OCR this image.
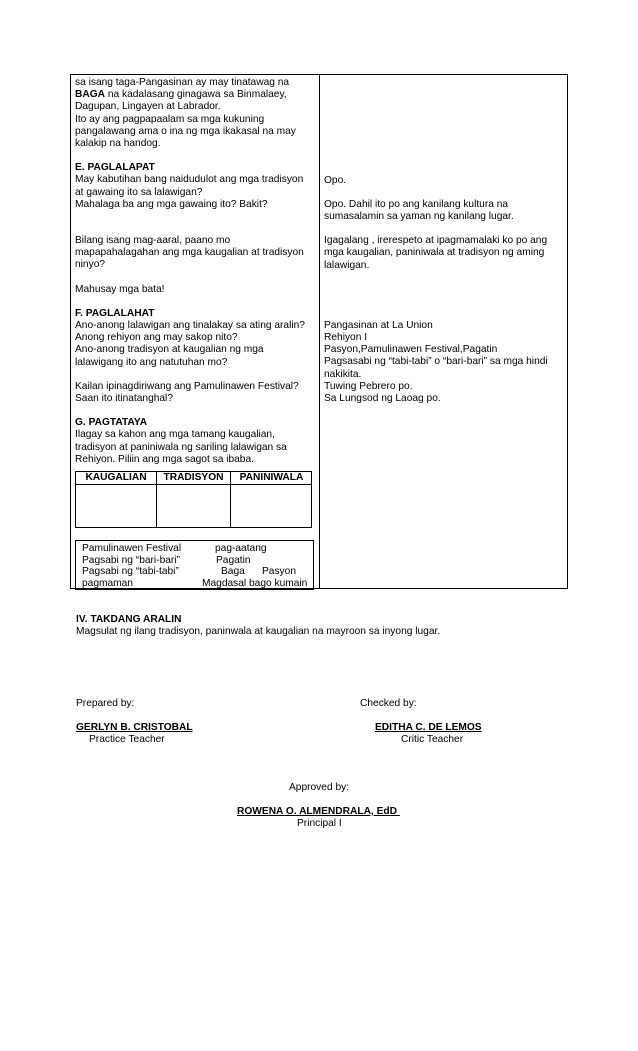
sa isang taga-Pangasinan ay may tinatawag na
BAGA na kadalasang ginagawa sa Binmalaey,
Dagupan, Lingayen at Labrador.
Ito ay ang pagpapaalam sa mga kukuning
pangalawang ama o ina ng mga ikakasal na may
kalakip na handog.
E. PAGLALAPAT
May kabutihan bang naidudulot ang mga tradisyon
at gawaing ito sa lalawigan?
Mahalaga ba ang mga gawaing ito? Bakit?
Bilang isang mag-aaral, paano mo
mapapahalagahan ang mga kaugalian at tradisyon
ninyo?
Mahusay mga bata!
F. PAGLALAHAT
Ano-anong lalawigan ang tinalakay sa ating aralin?
Anong rehiyon ang may sakop nito?
Ano-anong tradisyon at kaugalian ng mga
lalawigang ito ang natutuhan mo?
Kailan ipinagdiriwang ang Pamulinawen Festival?
Saan ito itinatanghal?
G. PAGTATAYA
Ilagay sa kahon ang mga tamang kaugalian,
tradisyon at paniniwala ng sariling lalawigan sa
Rehiyon. Piliin ang mga sagot sa ibaba.
KAUGALIAN	TRADISYON	PANINIWALA
Pamulinawen Festival	pag-aatang
Pagsabi ng “bari-bari”	Pagatin
Pagsabi ng “tabi-tabi”	Baga Pasyon
pagmaman	Magdasal bago kumain
Opo.
Opo. Dahil ito po ang kanilang kultura na
sumasalamin sa yaman ng kanilang lugar.
Igagalang , irerespeto at ipagmamalaki ko po ang
mga kaugalian, paniniwala at tradisyon ng aming
lalawigan.
Pangasinan at La Union
Rehiyon I
Pasyon,Pamulinawen Festival,Pagatin
Pagsasabi ng “tabi-tabi” o “bari-bari” sa mga hindi
nakikita.
Tuwing Pebrero po.
Sa Lungsod ng Laoag po.
IV. TAKDANG ARALIN
Magsulat ng ilang tradisyon, paninwala at kaugalian na mayroon sa inyong lugar.
Prepared by:
GERLYN B. CRISTOBAL
Practice Teacher
Checked by:
EDITHA C. DE LEMOS
Critic Teacher
Approved by:
ROWENA O. ALMENDRALA, EdD
Principal I
